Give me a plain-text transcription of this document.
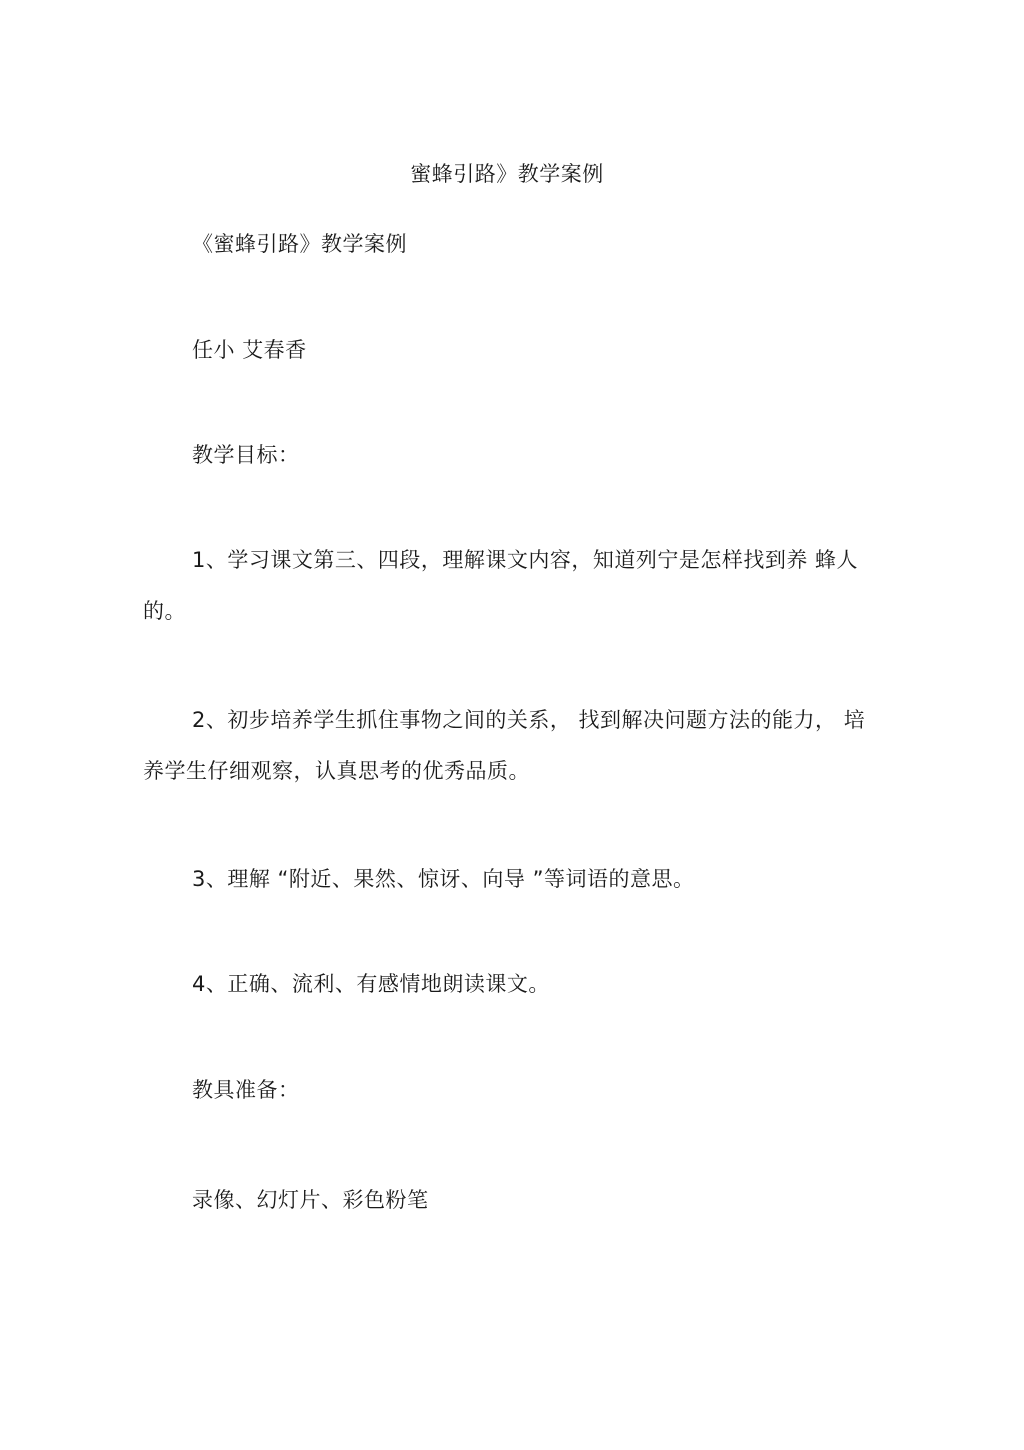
蜜蜂引路》教学案例
《蜜蜂引路》教学案例
任小 艾春香
教学目标：
1、学习课文第三、四段，理解课文内容，知道列宁是怎样找到养 蜂人
的。
2、初步培养学生抓住事物之间的关系， 找到解决问题方法的能力， 培
养学生仔细观察，认真思考的优秀品质。
3、理解 “附近、果然、惊讶、向导 ”等词语的意思。
4、正确、流利、有感情地朗读课文。
教具准备：
录像、幻灯片、彩色粉笔
